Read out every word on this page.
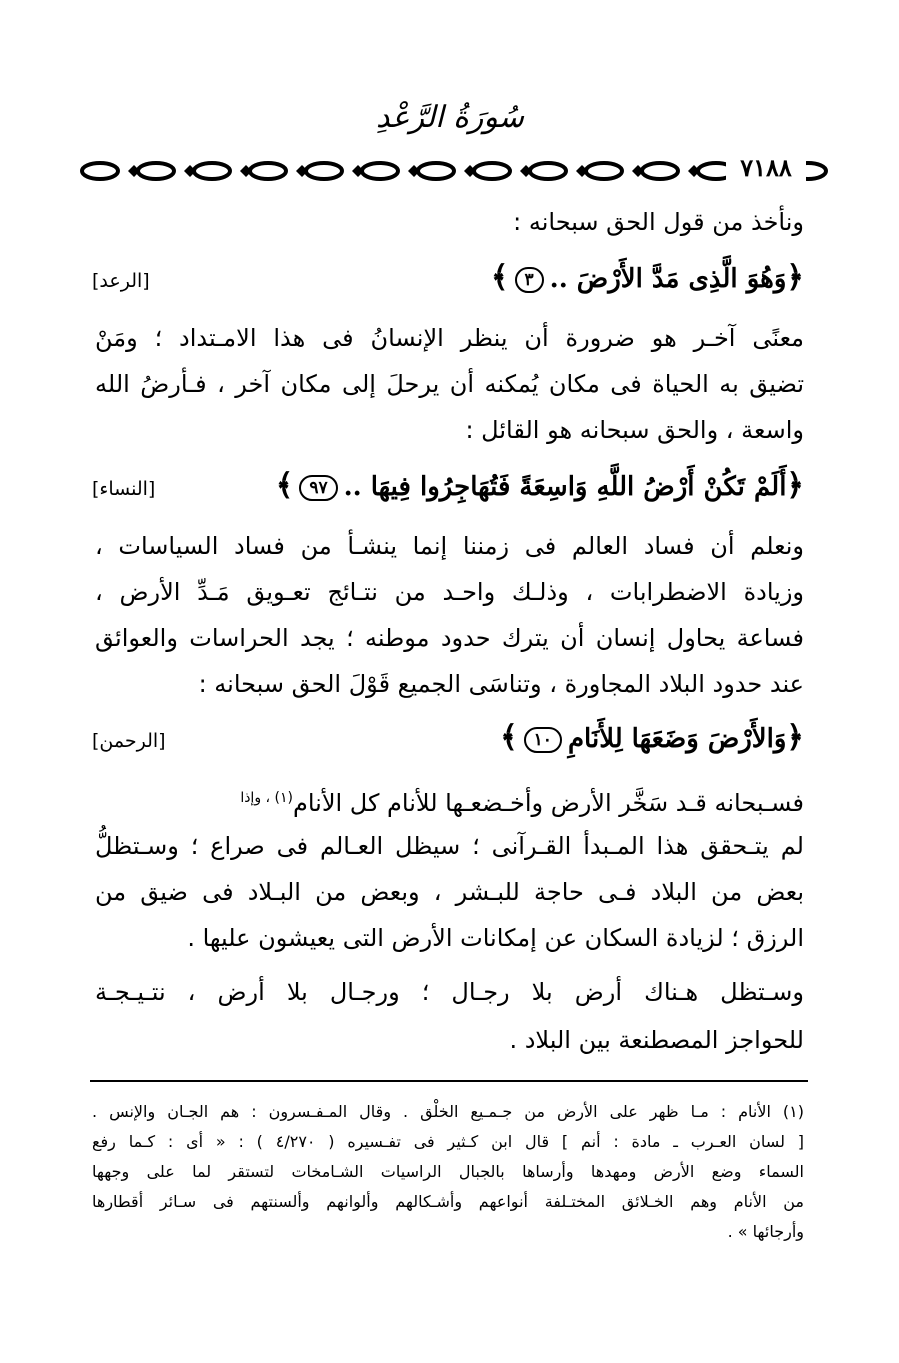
سُورَةُ الرَّعْدِ
٧١٨٨
ونأخذ من قول الحق سبحانه :
﴿وَهُوَ الَّذِى مَدَّ الأَرْضَ ..٣﴾
[الرعد]
معنًى آخـر هو ضرورة أن ينظر الإنسانُ فى هذا الامـتداد ؛ ومَنْ
تضيق به الحياة فى مكان يُمكنه أن يرحلَ إلى مكان آخر ، فـأرضُ الله
واسعة ، والحق سبحانه هو القائل :
﴿أَلَمْ تَكُنْ أَرْضُ اللَّهِ وَاسِعَةً فَتُهَاجِرُوا فِيهَا ..٩٧﴾
[النساء]
ونعلم أن فساد العالم فى زمننا إنما ينشـأ من فساد السياسات ،
وزيادة الاضطرابات ، وذلـك واحـد من نتـائج تعـويق مَـدِّ الأرض ،
فساعة يحاول إنسان أن يترك حدود موطنه ؛ يجد الحراسات والعوائق
عند حدود البلاد المجاورة ، وتناسَى الجميع قَوْلَ الحق سبحانه :
﴿وَالأَرْضَ وَضَعَهَا لِلأَنَامِ١٠﴾
[الرحمن]
فسـبحانه قـد سَخَّر الأرض وأخـضعـها للأنام كل الأنام$^{(١) ، وإذا}$
لم يتـحقق هذا المـبدأ القـرآنى ؛ سيظل العـالم فى صراع ؛ وسـتظلُّ
بعض من البلاد فـى حاجة للبـشر ، وبعض من البـلاد فى ضيق من
الرزق ؛ لزيادة السكان عن إمكانات الأرض التى يعيشون عليها .
وسـتظل هـناك أرض بلا رجـال ؛ ورجـال بلا أرض ، نتـيـجـة
للحواجز المصطنعة بين البلاد .
(١) الأنام : مـا ظهر على الأرض من جـمـيع الخلْق . وقال المـفـسرون : هم الجـان والإنس .
[ لسان العـرب ـ مادة : أنم ] قال ابن كـثير فى تفـسيره ( ٤/٢٧٠ ) : « أى : كـما رفع
السماء وضع الأرض ومهدها وأرساها بالجبال الراسيات الشـامخات لتستقر لما على وجهها
من الأنام وهم الخـلائق المختـلفة أنواعهم وأشـكالهم وألوانهم وألسنتهم فى سـائر أقطارها
وأرجائها » .
